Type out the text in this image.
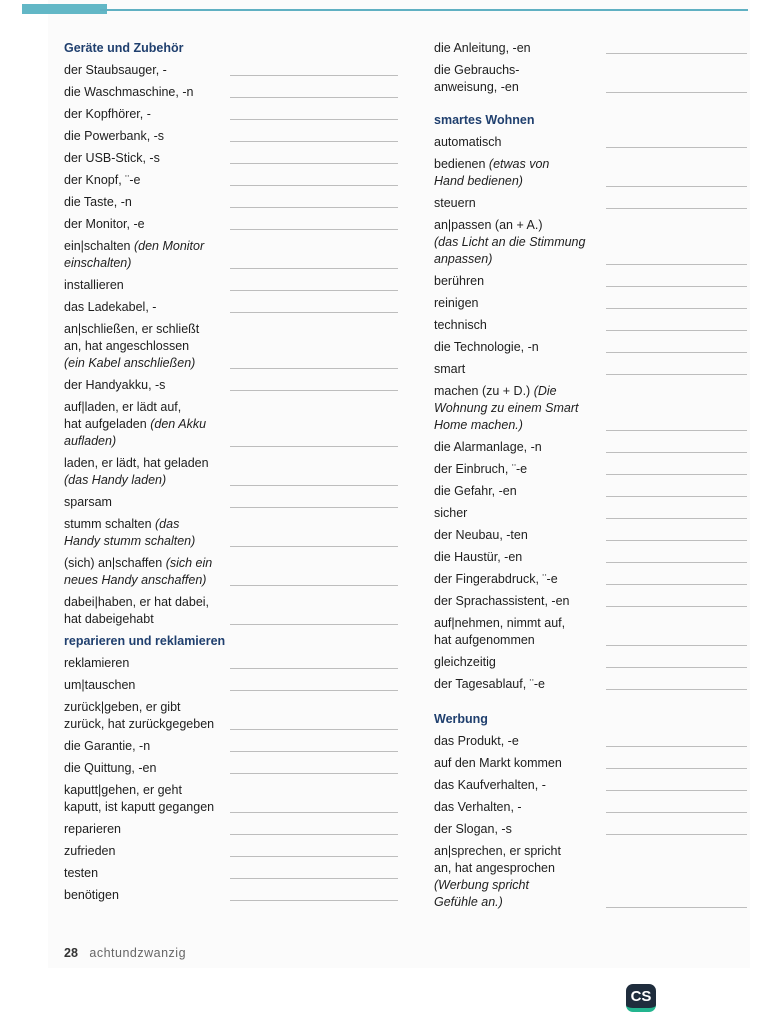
Geräte und Zubehör
der Staubsauger, -
die Waschmaschine, -n
der Kopfhörer, -
die Powerbank, -s
der USB-Stick, -s
der Knopf, ¨-e
die Taste, -n
der Monitor, -e
ein|schalten (den Monitor
einschalten)
installieren
das Ladekabel, -
an|schließen, er schließt
an, hat angeschlossen
(ein Kabel anschließen)
der Handyakku, -s
auf|laden, er lädt auf,
hat aufgeladen (den Akku
aufladen)
laden, er lädt, hat geladen
(das Handy laden)
sparsam
stumm schalten (das
Handy stumm schalten)
(sich) an|schaffen (sich ein
neues Handy anschaffen)
dabei|haben, er hat dabei,
hat dabeigehabt
reparieren und reklamieren
reklamieren
um|tauschen
zurück|geben, er gibt
zurück, hat zurückgegeben
die Garantie, -n
die Quittung, -en
kaputt|gehen, er geht
kaputt, ist kaputt gegangen
reparieren
zufrieden
testen
benötigen
die Anleitung, -en
die Gebrauchs-
anweisung, -en
smartes Wohnen
automatisch
bedienen (etwas von
Hand bedienen)
steuern
an|passen (an + A.)
(das Licht an die Stimmung
anpassen)
berühren
reinigen
technisch
die Technologie, -n
smart
machen (zu + D.) (Die
Wohnung zu einem Smart
Home machen.)
die Alarmanlage, -n
der Einbruch, ¨-e
die Gefahr, -en
sicher
der Neubau, -ten
die Haustür, -en
der Fingerabdruck, ¨-e
der Sprachassistent, -en
auf|nehmen, nimmt auf,
hat aufgenommen
gleichzeitig
der Tagesablauf, ¨-e
Werbung
das Produkt, -e
auf den Markt kommen
das Kaufverhalten, -
das Verhalten, -
der Slogan, -s
an|sprechen, er spricht
an, hat angesprochen
(Werbung spricht
Gefühle an.)
28 achtundzwanzig
CS
